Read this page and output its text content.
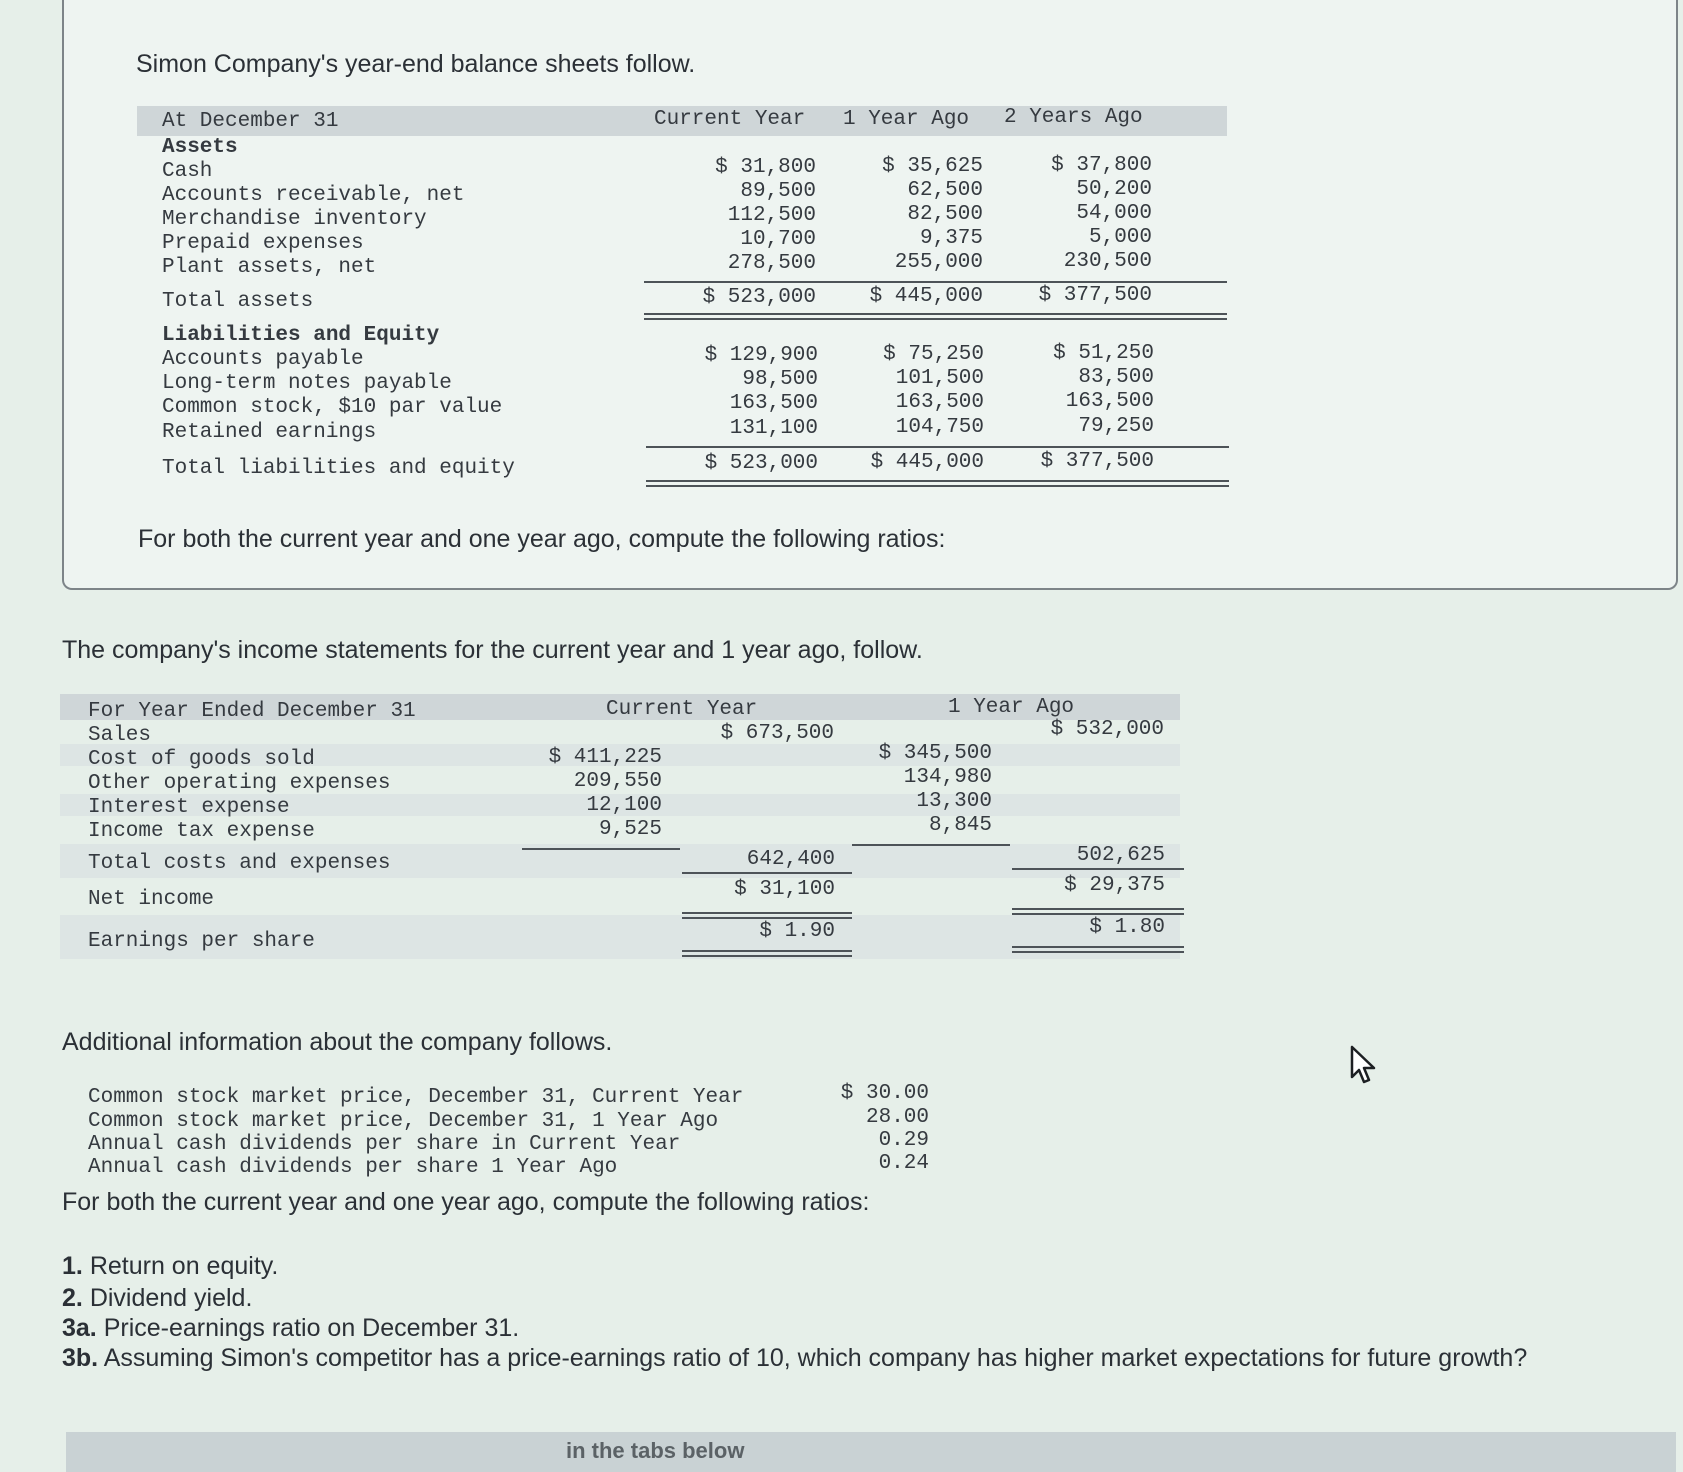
Simon Company's year-end balance sheets follow.
At December 31	Current Year 1 Year Ago 2 Years Ago
Assets
Cash	$ 31,800	$ 35,625	$ 37,800
Accounts receivable, net	89,500	62,500	50,200
Merchandise inventory	112,500	82,500	54,000
Prepaid expenses	10,700	9,375	5,000
Plant assets, net	278,500	255,000	230,500
Total assets	$ 523,000	$ 445,000	$ 377,500
Liabilities and Equity
Accounts payable	$ 129,900	$ 75,250	$ 51,250
Long-term notes payable	98,500	101,500	83,500
Common stock, $10 par value	163,500	163,500	163,500
Retained earnings	131,100	104,750	79,250
Total liabilities and equity	$ 523,000	$ 445,000	$ 377,500
For both the current year and one year ago, compute the following ratios:
The company's income statements for the current year and 1 year ago, follow.
For Year Ended December 31	Current Year	1 Year Ago
Sales	$ 673,500	$ 532,000
Cost of goods sold	$ 411,225	$ 345,500
Other operating expenses	209,550	134,980
Interest expense	12,100	13,300
Income tax expense	9,525	8,845
Total costs and expenses	642,400	502,625
Net income	$ 31,100	$ 29,375
Earnings per share	$ 1.90	$ 1.80
Additional information about the company follows.
Common stock market price, December 31, Current Year	$ 30.00
Common stock market price, December 31, 1 Year Ago	28.00
Annual cash dividends per share in Current Year	0.29
Annual cash dividends per share 1 Year Ago	0.24
For both the current year and one year ago, compute the following ratios:
1. Return on equity.
2. Dividend yield.
3a. Price-earnings ratio on December 31.
3b. Assuming Simon's competitor has a price-earnings ratio of 10, which company has higher market expectations for future growth?
in the tabs below
